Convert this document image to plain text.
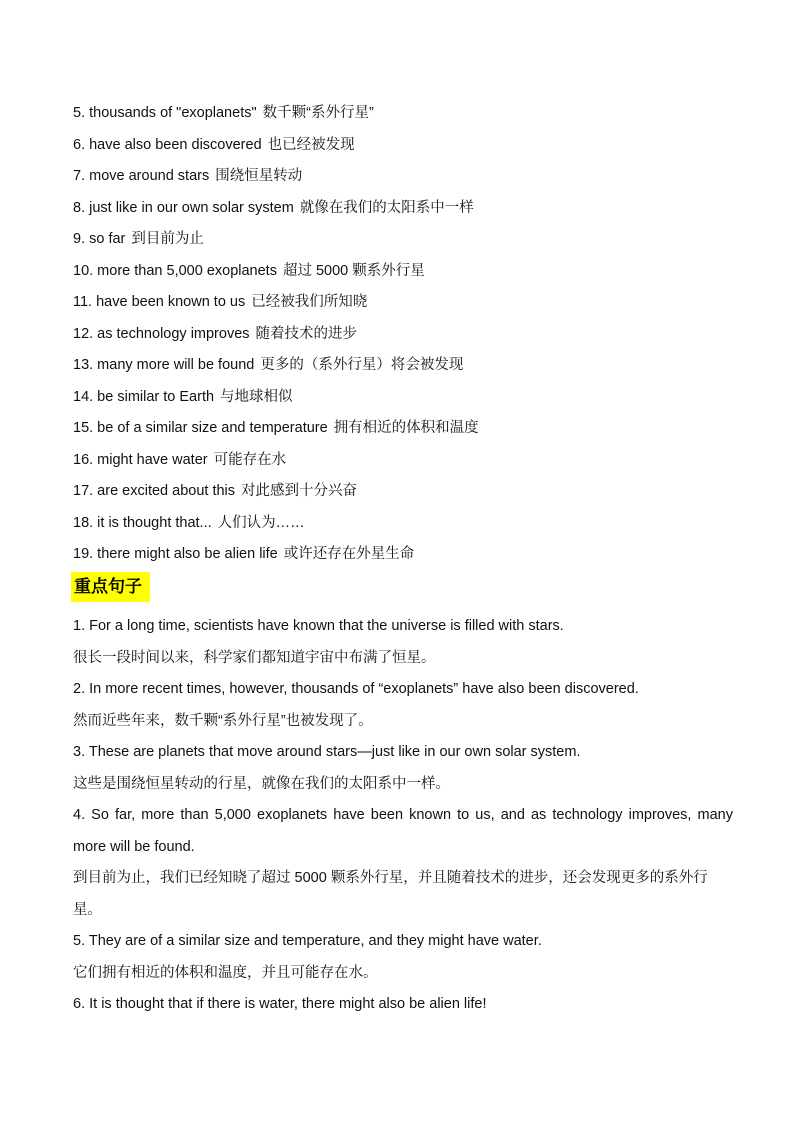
5. thousands of "exoplanets" 数千颗“系外行星”
6. have also been discovered 也已经被发现
7. move around stars 围绕恒星转动
8. just like in our own solar system 就像在我们的太阳系中一样
9. so far 到目前为止
10. more than 5,000 exoplanets 超过 5000 颗系外行星
11. have been known to us 已经被我们所知晓
12. as technology improves 随着技术的进步
13. many more will be found 更多的（系外行星）将会被发现
14. be similar to Earth 与地球相似
15. be of a similar size and temperature 拥有相近的体积和温度
16. might have water 可能存在水
17. are excited about this 对此感到十分兴奋
18. it is thought that... 人们认为……
19. there might also be alien life 或许还存在外星生命
重点句子
1. For a long time, scientists have known that the universe is filled with stars.
很长一段时间以来，科学家们都知道宇宙中布满了恒星。
2. In more recent times, however, thousands of “exoplanets” have also been discovered.
然而近些年来，数千颗“系外行星”也被发现了。
3. These are planets that move around stars—just like in our own solar system.
这些是围绕恒星转动的行星，就像在我们的太阳系中一样。
4. So far, more than 5,000 exoplanets have been known to us, and as technology improves, many more will be found.
到目前为止，我们已经知晓了超过 5000 颗系外行星，并且随着技术的进步，还会发现更多的系外行星。
5. They are of a similar size and temperature, and they might have water.
它们拥有相近的体积和温度，并且可能存在水。
6. It is thought that if there is water, there might also be alien life!
